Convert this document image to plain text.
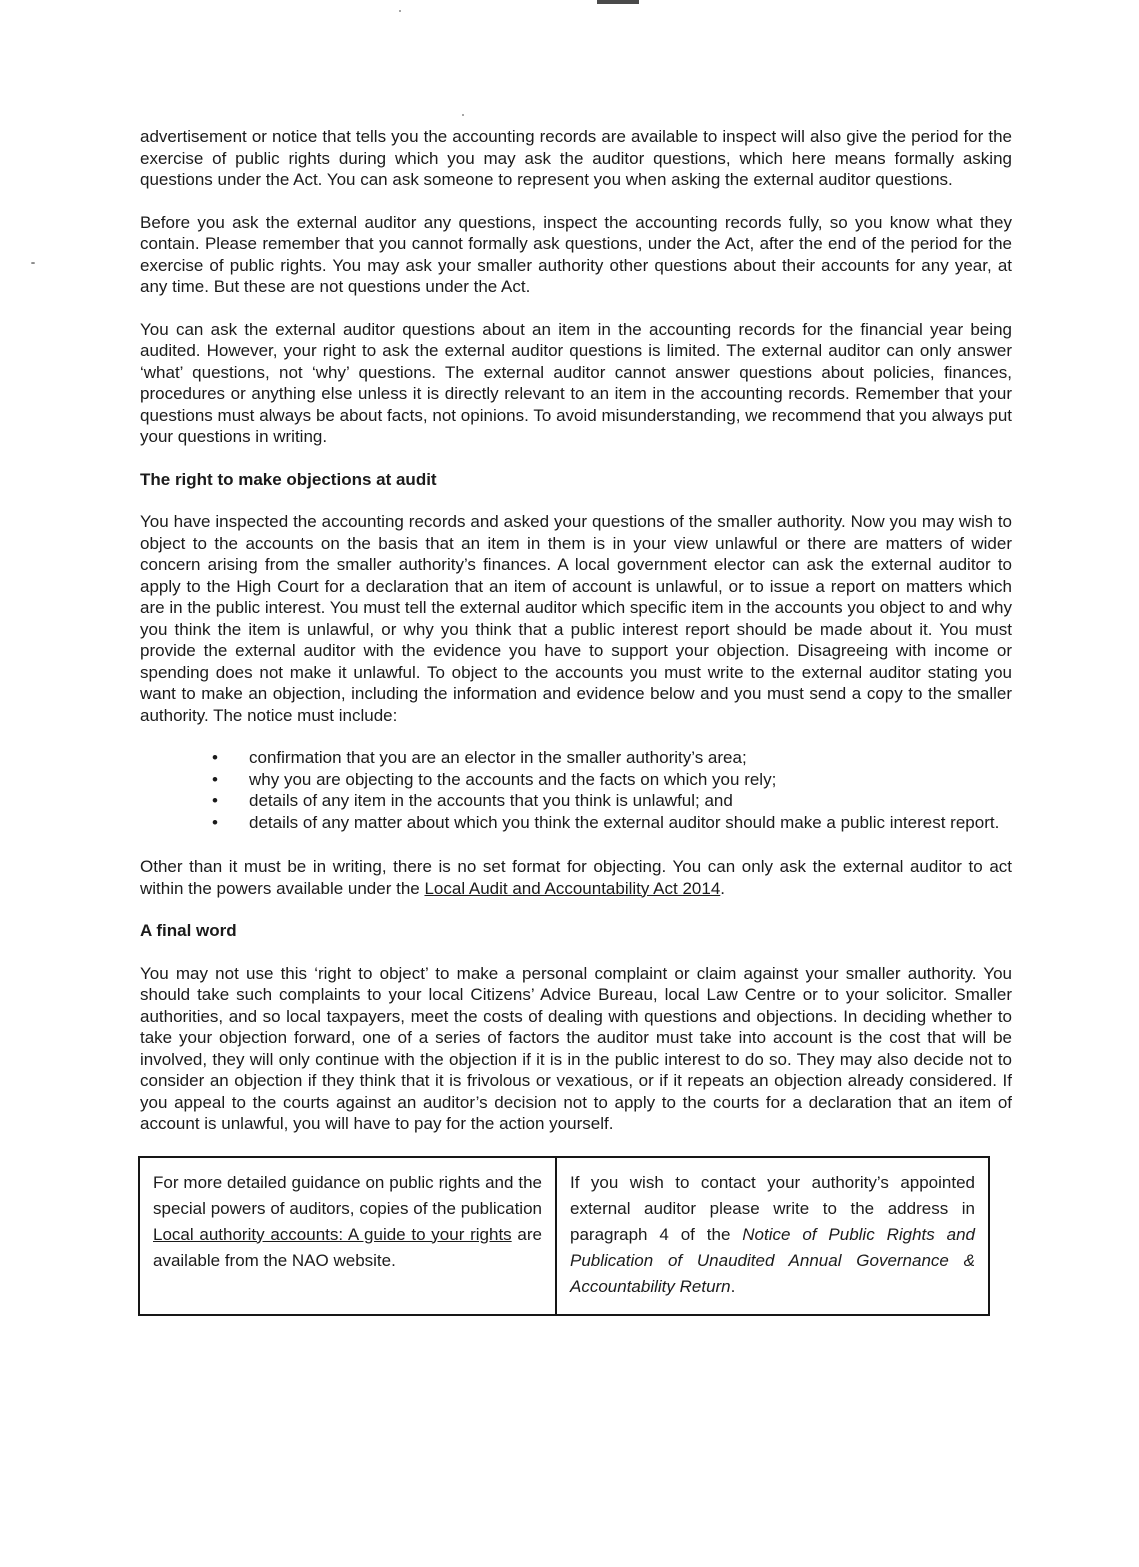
advertisement or notice that tells you the accounting records are available to inspect will also give the period for the exercise of public rights during which you may ask the auditor questions, which here means formally asking questions under the Act. You can ask someone to represent you when asking the external auditor questions.

Before you ask the external auditor any questions, inspect the accounting records fully, so you know what they contain. Please remember that you cannot formally ask questions, under the Act, after the end of the period for the exercise of public rights. You may ask your smaller authority other questions about their accounts for any year, at any time. But these are not questions under the Act.

You can ask the external auditor questions about an item in the accounting records for the financial year being audited. However, your right to ask the external auditor questions is limited. The external auditor can only answer ‘what’ questions, not ‘why’ questions. The external auditor cannot answer questions about policies, finances, procedures or anything else unless it is directly relevant to an item in the accounting records. Remember that your questions must always be about facts, not opinions. To avoid misunderstanding, we recommend that you always put your questions in writing.

The right to make objections at audit

You have inspected the accounting records and asked your questions of the smaller authority. Now you may wish to object to the accounts on the basis that an item in them is in your view unlawful or there are matters of wider concern arising from the smaller authority’s finances. A local government elector can ask the external auditor to apply to the High Court for a declaration that an item of account is unlawful, or to issue a report on matters which are in the public interest. You must tell the external auditor which specific item in the accounts you object to and why you think the item is unlawful, or why you think that a public interest report should be made about it. You must provide the external auditor with the evidence you have to support your objection. Disagreeing with income or spending does not make it unlawful. To object to the accounts you must write to the external auditor stating you want to make an objection, including the information and evidence below and you must send a copy to the smaller authority. The notice must include:

•	confirmation that you are an elector in the smaller authority’s area;
•	why you are objecting to the accounts and the facts on which you rely;
•	details of any item in the accounts that you think is unlawful; and
•	details of any matter about which you think the external auditor should make a public interest report.

Other than it must be in writing, there is no set format for objecting. You can only ask the external auditor to act within the powers available under the Local Audit and Accountability Act 2014.

A final word

You may not use this ‘right to object’ to make a personal complaint or claim against your smaller authority. You should take such complaints to your local Citizens’ Advice Bureau, local Law Centre or to your solicitor. Smaller authorities, and so local taxpayers, meet the costs of dealing with questions and objections. In deciding whether to take your objection forward, one of a series of factors the auditor must take into account is the cost that will be involved, they will only continue with the objection if it is in the public interest to do so. They may also decide not to consider an objection if they think that it is frivolous or vexatious, or if it repeats an objection already considered. If you appeal to the courts against an auditor’s decision not to apply to the courts for a declaration that an item of account is unlawful, you will have to pay for the action yourself.

For more detailed guidance on public rights and the special powers of auditors, copies of the publication Local authority accounts: A guide to your rights are available from the NAO website.	If you wish to contact your authority’s appointed external auditor please write to the address in paragraph 4 of the Notice of Public Rights and Publication of Unaudited Annual Governance & Accountability Return.
